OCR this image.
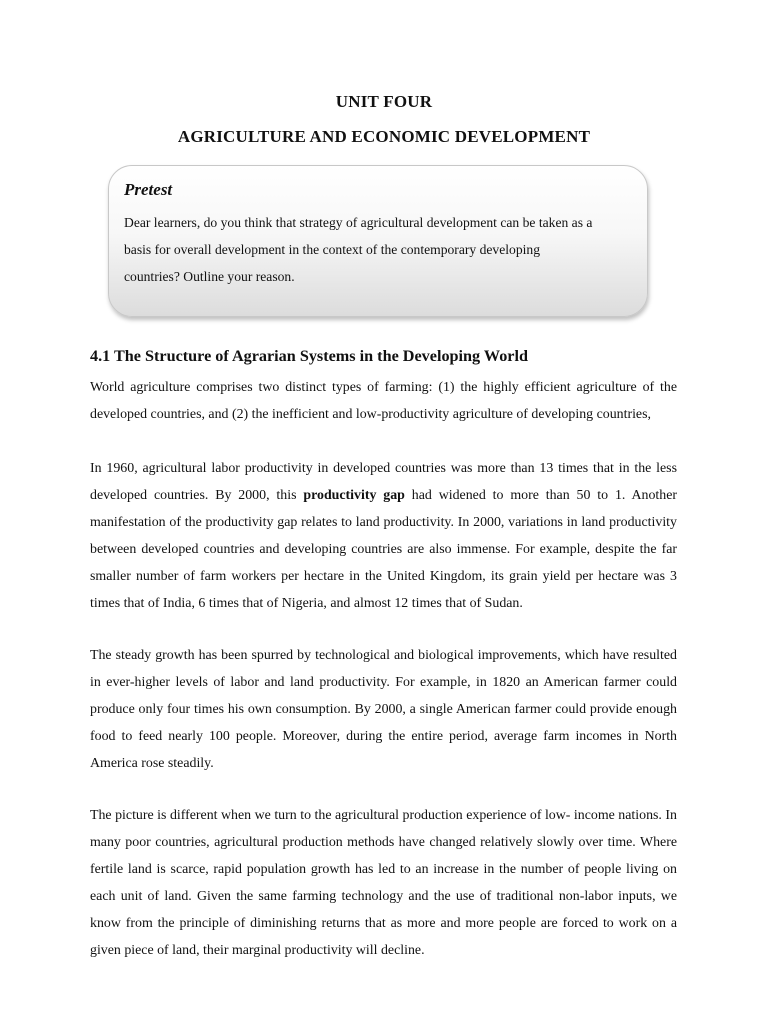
UNIT FOUR
AGRICULTURE AND ECONOMIC DEVELOPMENT
Pretest
Dear learners, do you think that strategy of agricultural development can be taken as a basis for overall development in the context of the contemporary developing countries? Outline your reason.
4.1 The Structure of Agrarian Systems in the Developing World

World agriculture comprises two distinct types of farming: (1) the highly efficient agriculture of the developed countries, and (2) the inefficient and low-productivity agriculture of developing countries,

In 1960, agricultural labor productivity in developed countries was more than 13 times that in the less developed countries. By 2000, this productivity gap had widened to more than 50 to 1. Another manifestation of the productivity gap relates to land productivity. In 2000, variations in land productivity between developed countries and developing countries are also immense. For example, despite the far smaller number of farm workers per hectare in the United Kingdom, its grain yield per hectare was 3 times that of India, 6 times that of Nigeria, and almost 12 times that of Sudan.

The steady growth has been spurred by technological and biological improvements, which have resulted in ever-higher levels of labor and land productivity. For example, in 1820 an American farmer could produce only four times his own consumption. By 2000, a single American farmer could provide enough food to feed nearly 100 people. Moreover, during the entire period, average farm incomes in North America rose steadily.

The picture is different when we turn to the agricultural production experience of low- income nations. In many poor countries, agricultural production methods have changed relatively slowly over time. Where fertile land is scarce, rapid population growth has led to an increase in the number of people living on each unit of land. Given the same farming technology and the use of traditional non-labor inputs, we know from the principle of diminishing returns that as more and more people are forced to work on a given piece of land, their marginal productivity will decline.
